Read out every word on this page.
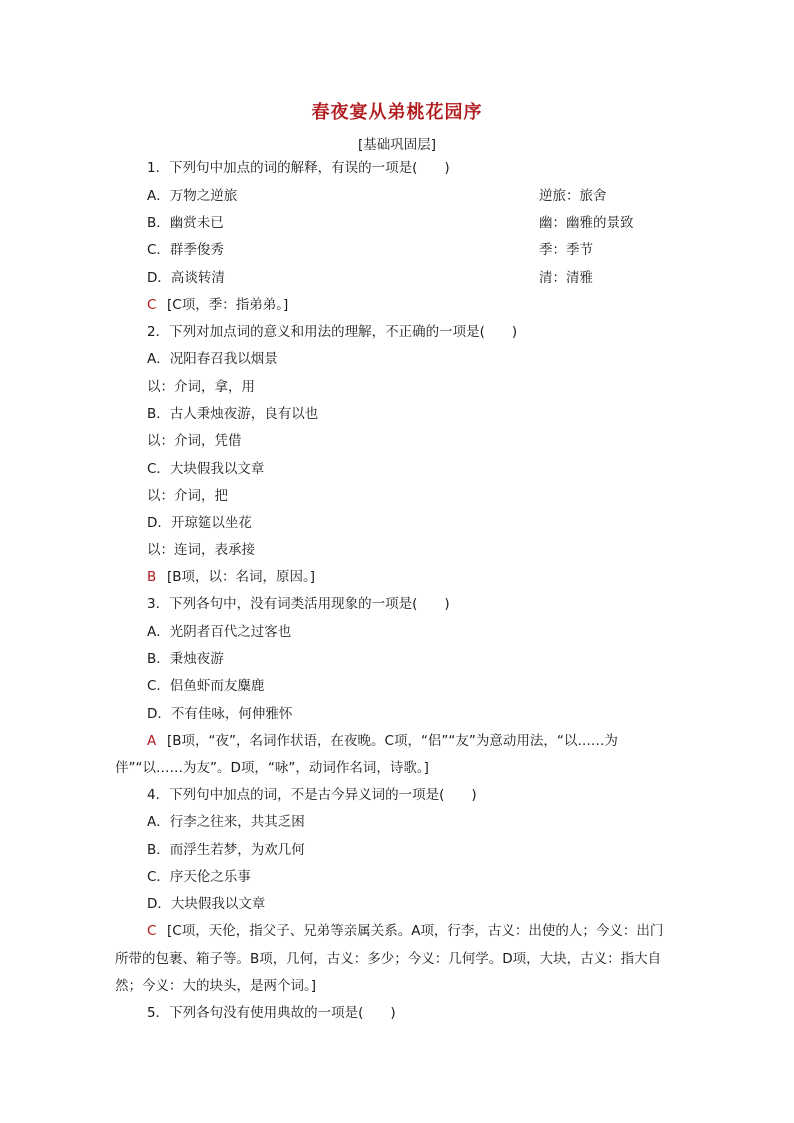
春夜宴从弟桃花园序
[基础巩固层]
1．下列句中加点的词的解释，有误的一项是(　　)
A．万物之逆旅	逆旅：旅舍
B．幽赏未已	幽：幽雅的景致
C．群季俊秀	季：季节
D．高谈转清	清：清雅
C [C项，季：指弟弟。]
2．下列对加点词的意义和用法的理解，不正确的一项是(　　)
A．况阳春召我以烟景
以：介词，拿，用
B．古人秉烛夜游，良有以也
以：介词，凭借
C．大块假我以文章
以：介词，把
D．开琼筵以坐花
以：连词，表承接
B [B项，以：名词，原因。]
3．下列各句中，没有词类活用现象的一项是(　　)
A．光阴者百代之过客也
B．秉烛夜游
C．侣鱼虾而友麋鹿
D．不有佳咏，何伸雅怀
A [B项，“夜”，名词作状语，在夜晚。C项，“侣”“友”为意动用法，“以……为
伴”“以……为友”。D项，“咏”，动词作名词，诗歌。]
4．下列句中加点的词，不是古今异义词的一项是(　　)
A．行李之往来，共其乏困
B．而浮生若梦，为欢几何
C．序天伦之乐事
D．大块假我以文章
C [C项，天伦，指父子、兄弟等亲属关系。A项，行李，古义：出使的人；今义：出门
所带的包裹、箱子等。B项，几何，古义：多少；今义：几何学。D项，大块，古义：指大自
然；今义：大的块头，是两个词。]
5．下列各句没有使用典故的一项是(　　)
